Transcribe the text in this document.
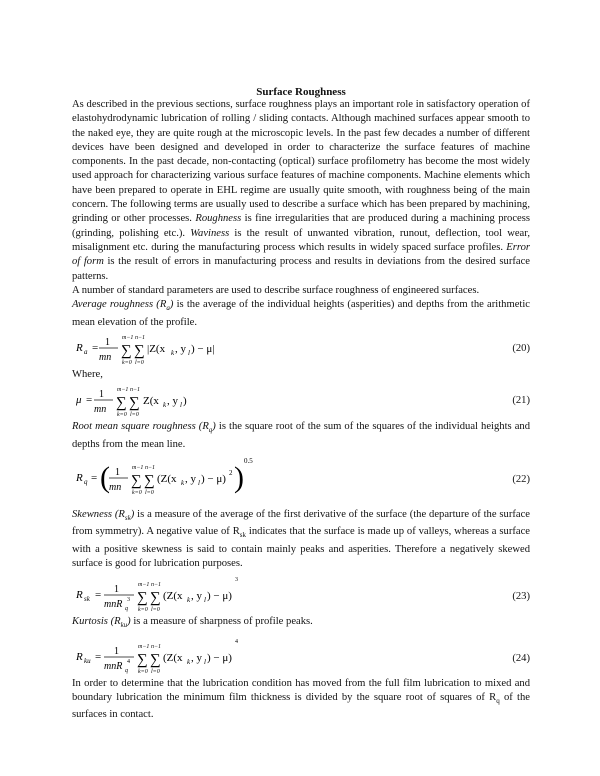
Surface Roughness

As described in the previous sections, surface roughness plays an important role in satisfactory operation of elastohydrodynamic lubrication of rolling / sliding contacts. Although machined surfaces appear smooth to the naked eye, they are quite rough at the microscopic levels. In the past few decades a number of different devices have been designed and developed in order to characterize the surface features of machine components. In the past decade, non-contacting (optical) surface profilometry has become the most widely used approach for characterizing various surface features of machine components. Machine elements which have been prepared to operate in EHL regime are usually quite smooth, with roughness being of the main concern. The following terms are usually used to describe a surface which has been prepared by machining, grinding or other processes. Roughness is fine irregularities that are produced during a machining process (grinding, polishing etc.). Waviness is the result of unwanted vibration, runout, deflection, tool wear, misalignment etc. during the manufacturing process which results in widely spaced surface profiles. Error of form is the result of errors in manufacturing process and results in deviations from the desired surface patterns.

A number of standard parameters are used to describe surface roughness of engineered surfaces.

Average roughness $(R_a)$ is the average of the individual heights (asperities) and depths from the arithmetic mean elevation of the profile.

R a = 1
mn
m−1
∑
k=0
n−1
∑
l=0
|Z(x k , y l ) − μ|	(20)

Where,

μ = 1
mn
m−1
∑
k=0
n−1
∑
l=0
Z(x k , y l )	(21)

Root mean square roughness $(R_q)$ is the square root of the sum of the squares of the individual heights and depths from the mean line.

R q = ( 1
mn
m−1
∑
k=0
n−1
∑
l=0
(Z(x k , y l ) − μ) 2 ) 0.5
(22)

Skewness $(R_{sk})$ is a measure of the average of the first derivative of the surface (the departure of the surface from symmetry). A negative value of $R_{sk}$ indicates that the surface is made up of valleys, whereas a surface with a positive skewness is said to contain mainly peaks and asperities. Therefore a negatively skewed surface is good for lubrication purposes.

R sk = 1
mnR q
3
m−1
∑
k=0
n−1
∑
l=0
(Z(x k , y l ) − μ)
3
(23)

Kurtosis $(R_{ku})$ is a measure of sharpness of profile peaks.

R ku = 1
mnR q
4
m−1
∑
k=0
n−1
∑
l=0
(Z(x k , y l ) − μ)
4
(24)

In order to determine that the lubrication condition has moved from the full film lubrication to mixed and boundary lubrication the minimum film thickness is divided by the square root of squares of $R_q$ of the surfaces in contact.
